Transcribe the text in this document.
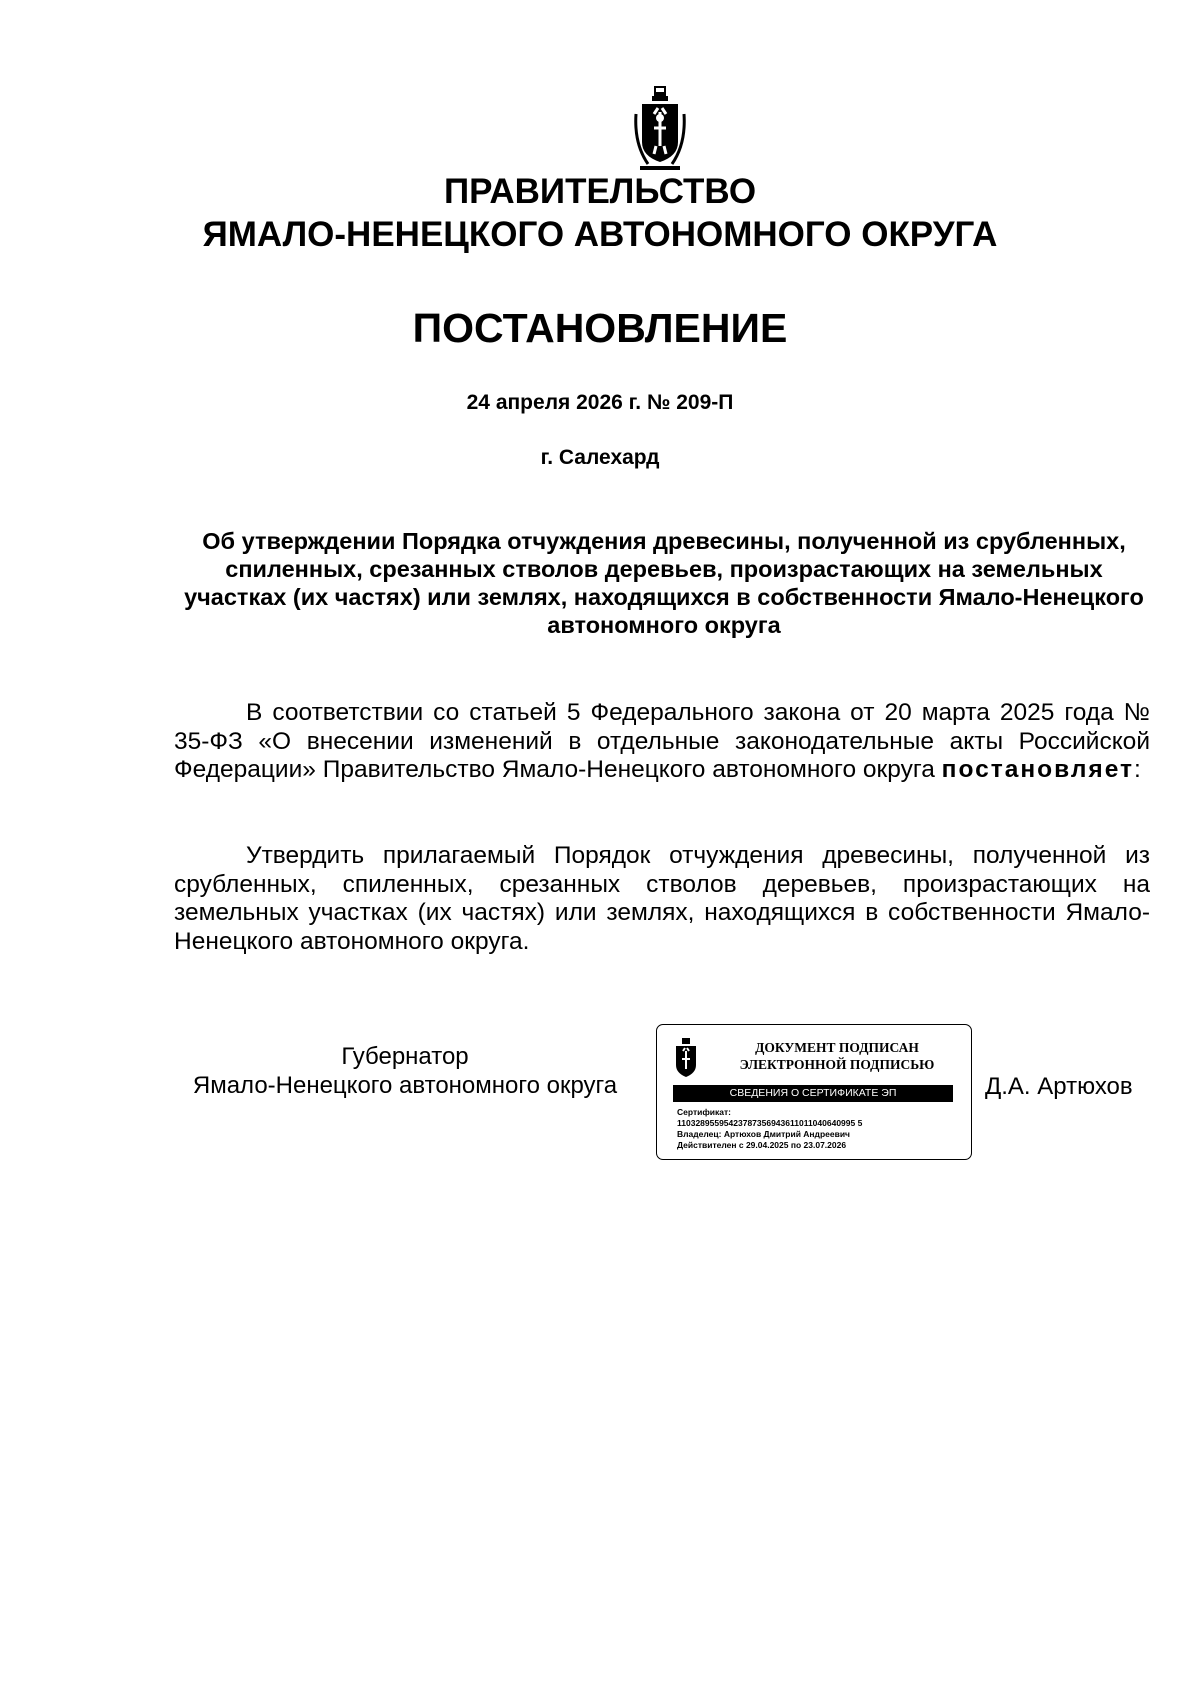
ПРАВИТЕЛЬСТВО
ЯМАЛО-НЕНЕЦКОГО АВТОНОМНОГО ОКРУГА
ПОСТАНОВЛЕНИЕ
24 апреля 2026 г. № 209-П
г. Салехард
Об утверждении Порядка отчуждения древесины, полученной из срубленных, спиленных, срезанных стволов деревьев, произрастающих на земельных участках (их частях) или землях, находящихся в собственности Ямало-Ненецкого автономного округа
В соответствии со статьей 5 Федерального закона от 20 марта 2025 года № 35-ФЗ «О внесении изменений в отдельные законодательные акты Российской Федерации» Правительство Ямало-Ненецкого автономного округа постановляет:
Утвердить прилагаемый Порядок отчуждения древесины, полученной из срубленных, спиленных, срезанных стволов деревьев, произрастающих на земельных участках (их частях) или землях, находящихся в собственности Ямало-Ненецкого автономного округа.
Губернатор
Ямало-Ненецкого автономного округа
ДОКУМЕНТ ПОДПИСАН
ЭЛЕКТРОННОЙ ПОДПИСЬЮ
СВЕДЕНИЯ О СЕРТИФИКАТЕ ЭП
Сертификат:
11032895595423787356943611011040640995 5
Владелец: Артюхов Дмитрий Андреевич
Действителен с 29.04.2025 по 23.07.2026
Д.А. Артюхов
